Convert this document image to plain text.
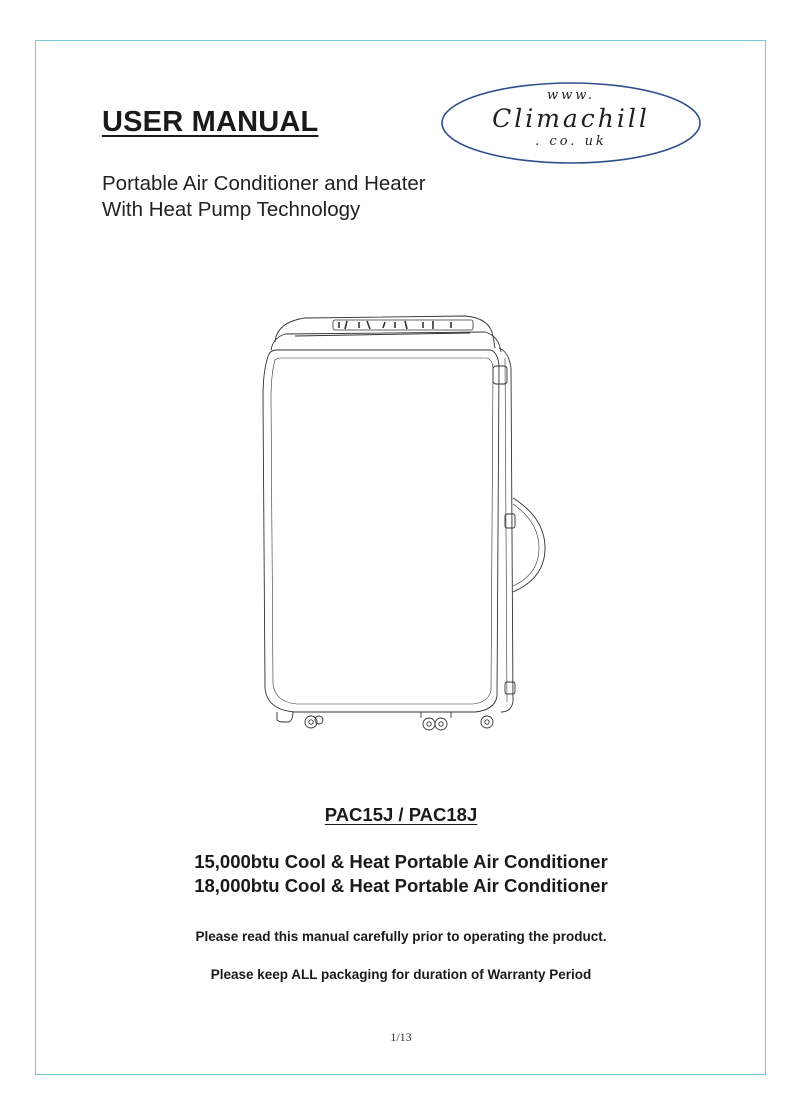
USER MANUAL
Portable Air Conditioner and Heater
With Heat Pump Technology
www.
Climachill
. co. uk
PAC15J / PAC18J
15,000btu Cool & Heat Portable Air Conditioner
18,000btu Cool & Heat Portable Air Conditioner

Please read this manual carefully prior to operating the product.

Please keep ALL packaging for duration of Warranty Period

1/13
